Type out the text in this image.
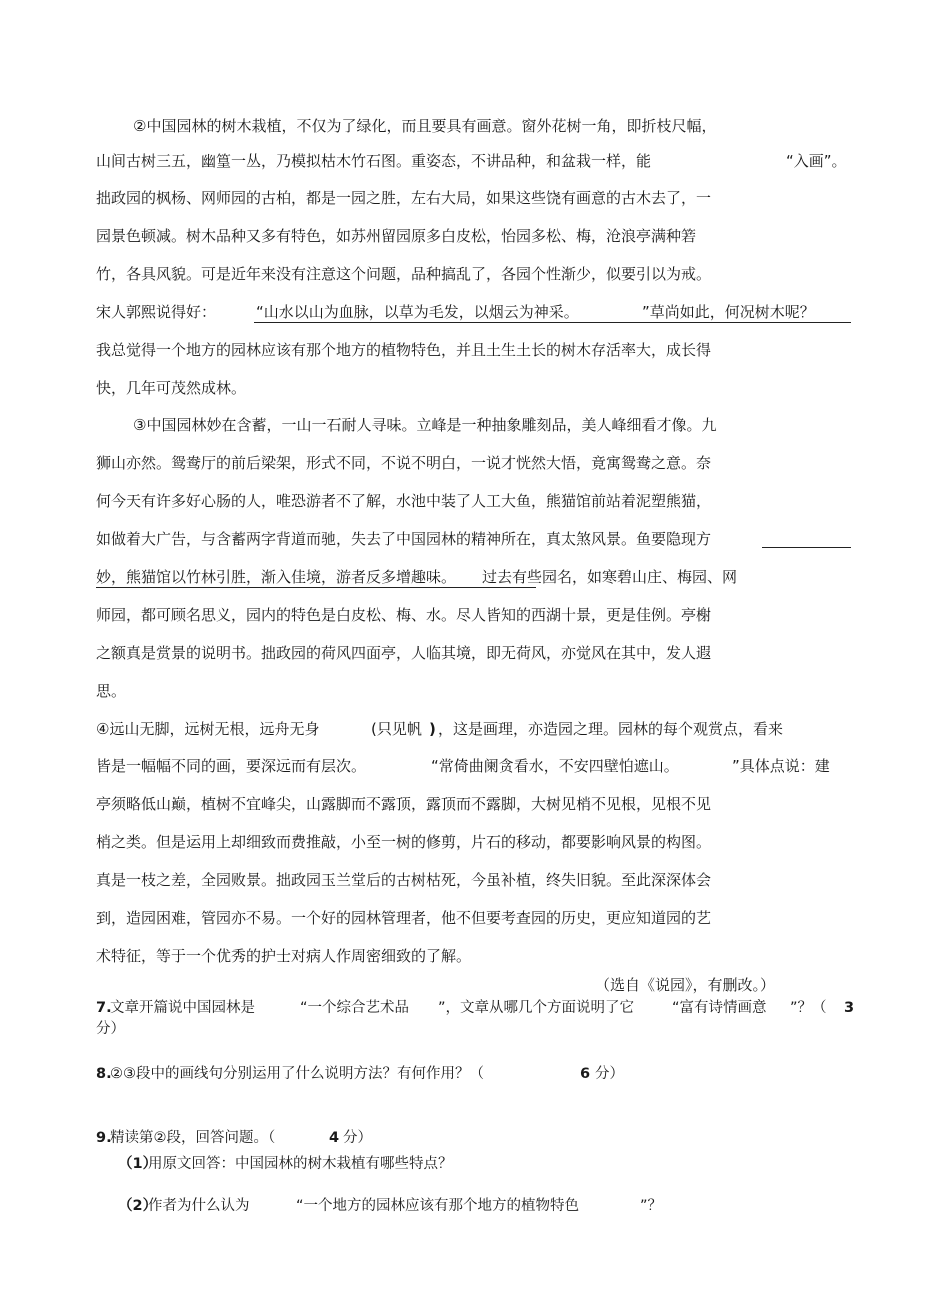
②中国园林的树木栽植，不仅为了绿化，而且要具有画意。窗外花树一角，即折枝尺幅，
山间古树三五，幽篁一丛，乃模拟枯木竹石图。重姿态，不讲品种，和盆栽一样，能	“入画”。
拙政园的枫杨、网师园的古柏，都是一园之胜，左右大局，如果这些饶有画意的古木去了，一
园景色顿减。树木品种又多有特色，如苏州留园原多白皮松，怡园多松、梅，沧浪亭满种箬
竹，各具风貌。可是近年来没有注意这个问题，品种搞乱了，各园个性渐少，似要引以为戒。
宋人郭熙说得好：	“山水以山为血脉，以草为毛发，以烟云为神采。	”草尚如此，何况树木呢？
我总觉得一个地方的园林应该有那个地方的植物特色，并且土生土长的树木存活率大，成长得
快，几年可茂然成林。
③中国园林妙在含蓄，一山一石耐人寻味。立峰是一种抽象雕刻品，美人峰细看才像。九
狮山亦然。鸳鸯厅的前后梁架，形式不同，不说不明白，一说才恍然大悟，竟寓鸳鸯之意。奈
何今天有许多好心肠的人，唯恐游者不了解，水池中装了人工大鱼，熊猫馆前站着泥塑熊猫，
如做着大广告，与含蓄两字背道而驰，失去了中国园林的精神所在，真太煞风景。鱼要隐现方
妙，熊猫馆以竹林引胜，渐入佳境，游者反多增趣味。 过去有些园名，如寒碧山庄、梅园、网
师园，都可顾名思义，园内的特色是白皮松、梅、水。尽人皆知的西湖十景，更是佳例。亭榭
之额真是赏景的说明书。拙政园的荷风四面亭，人临其境，即无荷风，亦觉风在其中，发人遐
思。
④远山无脚，远树无根，远舟无身	(只见帆 ) ，这是画理，亦造园之理。园林的每个观赏点，看来
皆是一幅幅不同的画，要深远而有层次。	“常倚曲阑贪看水，不安四壁怕遮山。	”具体点说：建
亭须略低山巅，植树不宜峰尖，山露脚而不露顶，露顶而不露脚，大树见梢不见根，见根不见
梢之类。但是运用上却细致而费推敲，小至一树的修剪，片石的移动，都要影响风景的构图。
真是一枝之差，全园败景。拙政园玉兰堂后的古树枯死，今虽补植，终失旧貌。至此深深体会
到，造园困难，管园亦不易。一个好的园林管理者，他不但要考查园的历史，更应知道园的艺
术特征，等于一个优秀的护士对病人作周密细致的了解。
（选自《说园》，有删改。）
7.
文章开篇说中国园林是	“一个综合艺术品 ”，文章从哪几个方面说明了它	“富有诗情画意 ”？（ 3
分）
8.
②③段中的画线句分别运用了什么说明方法？有何作用？（	6 分）
9.
精读第②段，回答问题。（	4 分）
（1）
用原文回答：中国园林的树木栽植有哪些特点？
（2）
作者为什么认为	“一个地方的园林应该有那个地方的植物特色	”？
